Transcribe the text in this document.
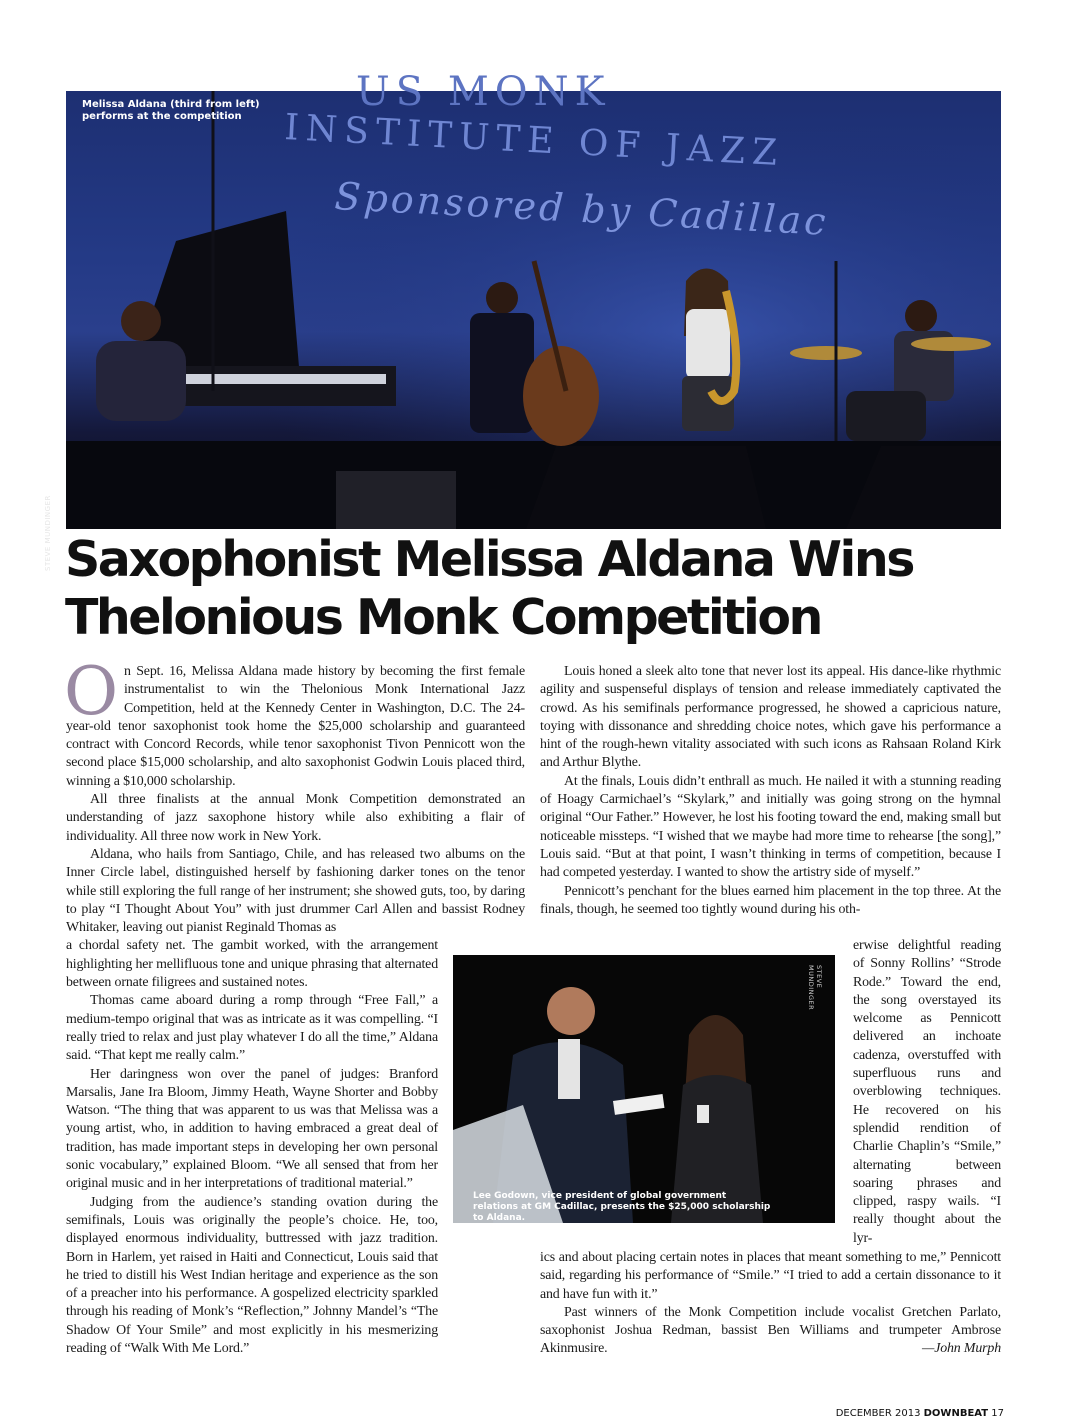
US MONK
INSTITUTE OF JAZZ
Sponsored by Cadillac
Melissa Aldana (third from left) performs at the competition
STEVE MUNDINGER Saxophonist Melissa Aldana Wins
Thelonious Monk Competition

On Sept. 16, Melissa Aldana made history by becoming the first female instrumentalist to win the Thelonious Monk International Jazz Competition, held at the Kennedy Center in Washington, D.C. The 24-year-old tenor saxophonist took home the $25,000 scholarship and guaranteed contract with Concord Records, while tenor saxophonist Tivon Pennicott won the second place $15,000 scholarship, and alto saxophonist Godwin Louis placed third, winning a $10,000 scholarship.

All three finalists at the annual Monk Competition demonstrated an understanding of jazz saxophone history while also exhibiting a flair of individuality. All three now work in New York.

Aldana, who hails from Santiago, Chile, and has released two albums on the Inner Circle label, distinguished herself by fashioning darker tones on the tenor while still exploring the full range of her instrument; she showed guts, too, by daring to play “I Thought About You” with just drummer Carl Allen and bassist Rodney Whitaker, leaving out pianist Reginald Thomas as

a chordal safety net. The gambit worked, with the arrangement highlighting her mellifluous tone and unique phrasing that alternated between ornate filigrees and sustained notes.

Thomas came aboard during a romp through “Free Fall,” a medium-tempo original that was as intricate as it was compelling. “I really tried to relax and just play whatever I do all the time,” Aldana said. “That kept me really calm.”

Her daringness won over the panel of judges: Branford Marsalis, Jane Ira Bloom, Jimmy Heath, Wayne Shorter and Bobby Watson. “The thing that was apparent to us was that Melissa was a young artist, who, in addition to having embraced a great deal of tradition, has made important steps in developing her own personal sonic vocabulary,” explained Bloom. “We all sensed that from her original music and in her interpretations of traditional material.”

Judging from the audience’s standing ovation during the semifinals, Louis was originally the people’s choice. He, too, displayed enormous individuality, buttressed with jazz tradition. Born in Harlem, yet raised in Haiti and Connecticut, Louis said that he tried to distill his West Indian heritage and experience as the son of a preacher into his performance. A gospelized electricity sparkled through his reading of Monk’s “Reflection,” Johnny Mandel’s “The Shadow Of Your Smile” and most explicitly in his mesmerizing reading of “Walk With Me Lord.”

Louis honed a sleek alto tone that never lost its appeal. His dance-like rhythmic agility and suspenseful displays of tension and release immediately captivated the crowd. As his semifinals performance progressed, he showed a capricious nature, toying with dissonance and shredding choice notes, which gave his performance a hint of the rough-hewn vitality associated with such icons as Rahsaan Roland Kirk and Arthur Blythe.

At the finals, Louis didn’t enthrall as much. He nailed it with a stunning reading of Hoagy Carmichael’s “Skylark,” and initially was going strong on the hymnal original “Our Father.” However, he lost his footing toward the end, making small but noticeable missteps. “I wished that we maybe had more time to rehearse [the song],” Louis said. “But at that point, I wasn’t thinking in terms of competition, because I had competed yesterday. I wanted to show the artistry side of myself.”

Pennicott’s penchant for the blues earned him placement in the top three. At the finals, though, he seemed too tightly wound during his oth-

erwise delightful reading of Sonny Rollins’ “Strode Rode.” Toward the end, the song overstayed its welcome as Pennicott delivered an inchoate cadenza, overstuffed with superfluous runs and overblowing techniques. He recovered on his splendid rendition of Charlie Chaplin’s “Smile,” alternating between soaring phrases and clipped, raspy wails. “I really thought about the lyr-

ics and about placing certain notes in places that meant something to me,” Pennicott said, regarding his performance of “Smile.” “I tried to add a certain dissonance to it and have fun with it.”

Past winners of the Monk Competition include vocalist Gretchen Parlato, saxophonist Joshua Redman, bassist Ben Williams and trumpeter Ambrose Akinmusire.	—John Murph

Lee Godown, vice president of global government relations at GM Cadillac, presents the $25,000 scholarship to Aldana.
STEVE MUNDINGER
DECEMBER 2013 DOWNBEAT 17
